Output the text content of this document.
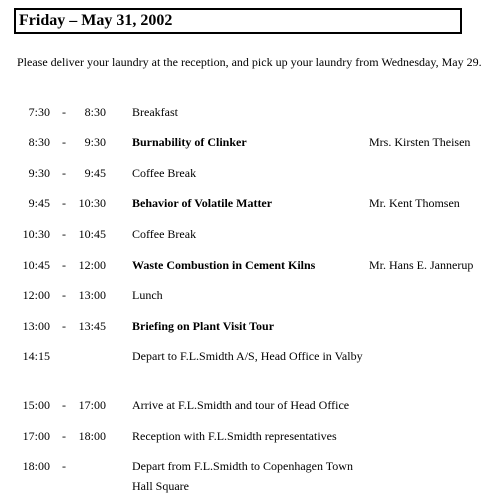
Friday – May 31, 2002
Please deliver your laundry at the reception, and pick up your laundry from Wednesday, May 29.
7:30 -	8:30 Breakfast
8:30 -	9:30 Burnability of Clinker	Mrs. Kirsten Theisen
9:30 -	9:45 Coffee Break
9:45 -	10:30 Behavior of Volatile Matter	Mr. Kent Thomsen
10:30 -	10:45 Coffee Break
10:45 -	12:00 Waste Combustion in Cement Kilns	Mr. Hans E. Jannerup
12:00 -	13:00 Lunch
13:00 -	13:45 Briefing on Plant Visit Tour
14:15	Depart to F.L.Smidth A/S, Head Office in Valby
15:00 -	17:00 Arrive at F.L.Smidth and tour of Head Office
17:00 -	18:00 Reception with F.L.Smidth representatives
18:00 -	Depart from F.L.Smidth to Copenhagen Town Hall Square
